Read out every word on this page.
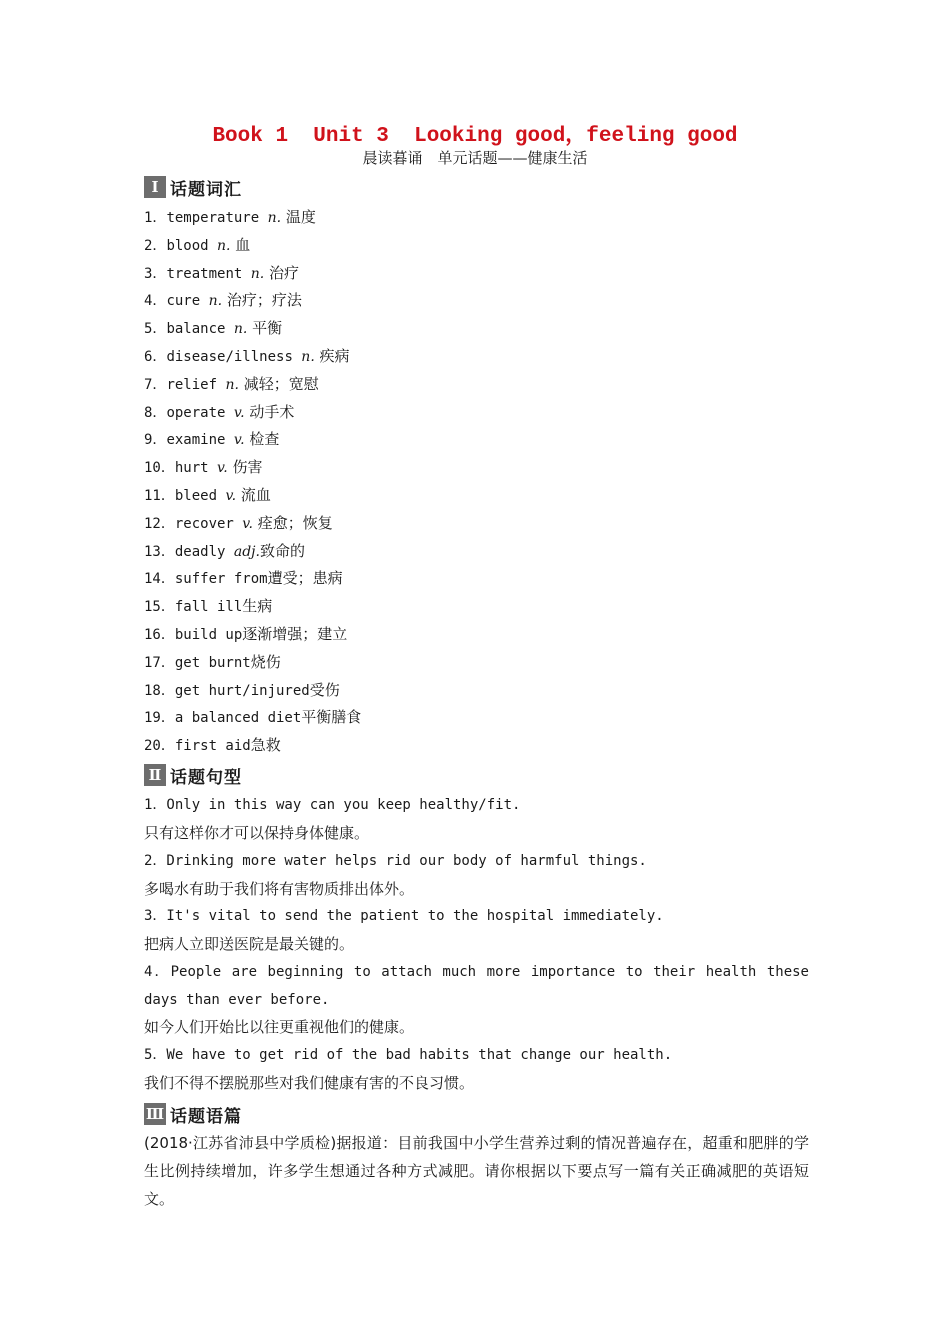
Book 1  Unit 3  Looking good，feeling good
晨读暮诵　单元话题——健康生活
Ⅰ 话题词汇
1．temperature n. 温度
2．blood n. 血
3．treatment n. 治疗
4．cure n. 治疗；疗法
5．balance n. 平衡
6．disease/illness n. 疾病
7．relief n. 减轻；宽慰
8．operate v. 动手术
9．examine v. 检查
10．hurt v. 伤害
11．bleed v. 流血
12．recover v. 痊愈；恢复
13．deadly adj.致命的
14．suffer from遭受；患病
15．fall ill生病
16．build up逐渐增强；建立
17．get burnt烧伤
18．get hurt/injured受伤
19．a balanced diet平衡膳食
20．first aid急救
Ⅱ 话题句型
1．Only in this way can you keep healthy/fit.
只有这样你才可以保持身体健康。
2．Drinking more water helps rid our body of harmful things.
多喝水有助于我们将有害物质排出体外。
3．It's vital to send the patient to the hospital immediately.
把病人立即送医院是最关键的。
4．People are beginning to attach much more importance to their health these
days than ever before.
如今人们开始比以往更重视他们的健康。
5．We have to get rid of the bad habits that change our health.
我们不得不摆脱那些对我们健康有害的不良习惯。
Ⅲ 话题语篇
(2018·江苏省沛县中学质检)据报道：目前我国中小学生营养过剩的情况普遍存在，超重和肥胖的学生比例持续增加，许多学生想通过各种方式减肥。请你根据以下要点写一篇有关正确减肥的英语短文。
